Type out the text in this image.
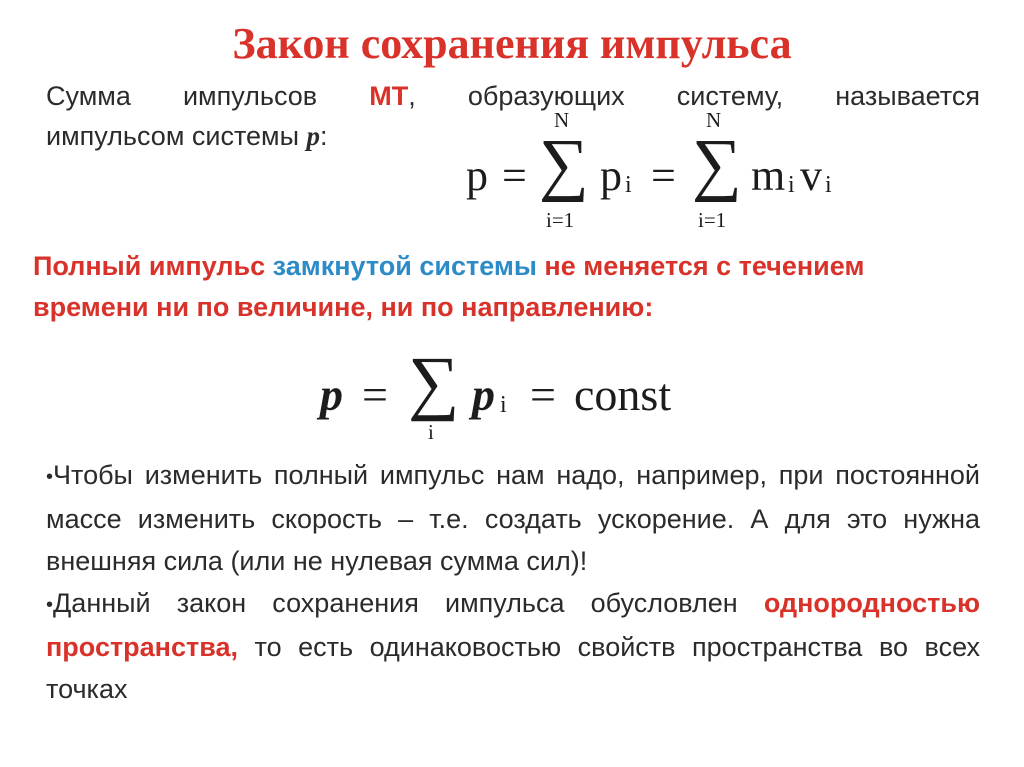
Закон сохранения импульса
Сумма импульсов МТ, образующих систему, называется
импульсом системы p:
p =
N
∑
i=1
p i =
N
∑
i=1
m i v i
Полный импульс замкнутой системы не меняется с течением
времени ни по величине, ни по направлению:
p = ∑
i
p i = const
•Чтобы изменить полный импульс нам надо, например, при постоянной массе изменить скорость – т.е. создать ускорение. А для это нужна внешняя сила (или не нулевая сумма сил)!
•Данный закон сохранения импульса обусловлен однородностью пространства, то есть одинаковостью свойств пространства во всех точках
